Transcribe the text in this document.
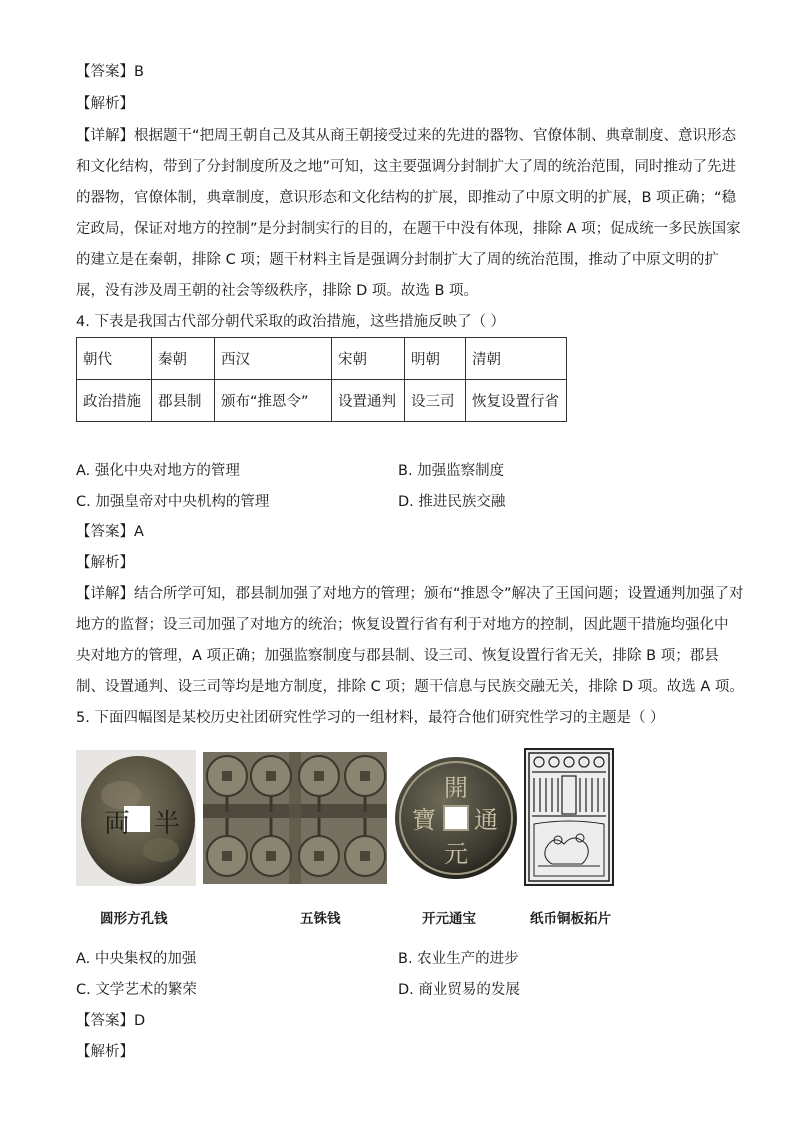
【答案】B
【解析】
【详解】根据题干“把周王朝自己及其从商王朝接受过来的先进的器物、官僚体制、典章制度、意识形态
和文化结构，带到了分封制度所及之地”可知，这主要强调分封制扩大了周的统治范围，同时推动了先进
的器物，官僚体制，典章制度，意识形态和文化结构的扩展，即推动了中原文明的扩展，B 项正确；“稳
定政局，保证对地方的控制”是分封制实行的目的，在题干中没有体现，排除 A 项；促成统一多民族国家
的建立是在秦朝，排除 C 项；题干材料主旨是强调分封制扩大了周的统治范围，推动了中原文明的扩
展，没有涉及周王朝的社会等级秩序，排除 D 项。故选 B 项。
4. 下表是我国古代部分朝代采取的政治措施，这些措施反映了（ ）
朝代	秦朝	西汉	宋朝	明朝	清朝
政治措施	郡县制	颁布“推恩令”	设置通判	设三司	恢复设置行省
A. 强化中央对地方的管理	B. 加强监察制度
C. 加强皇帝对中央机构的管理	D. 推进民族交融
【答案】A
【解析】
【详解】结合所学可知，郡县制加强了对地方的管理；颁布“推恩令”解决了王国问题；设置通判加强了对
地方的监督；设三司加强了对地方的统治；恢复设置行省有利于对地方的控制，因此题干措施均强化中
央对地方的管理，A 项正确；加强监察制度与郡县制、设三司、恢复设置行省无关，排除 B 项；郡县
制、设置通判、设三司等均是地方制度，排除 C 项；题干信息与民族交融无关，排除 D 项。故选 A 项。
5. 下面四幅图是某校历史社团研究性学习的一组材料，最符合他们研究性学习的主题是（ ）
両 半
開
通
元
寶
圆形方孔钱	五铢钱	开元通宝	纸币铜板拓片
A. 中央集权的加强	B. 农业生产的进步
C. 文学艺术的繁荣	D. 商业贸易的发展
【答案】D
【解析】
